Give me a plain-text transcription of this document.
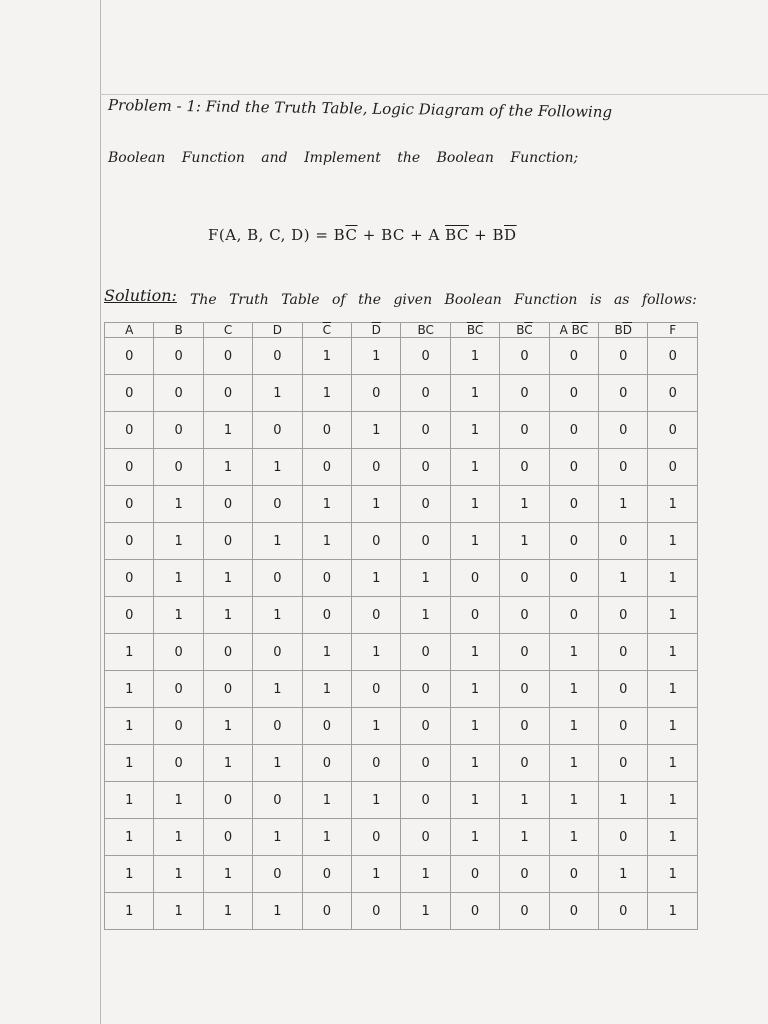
Problem - 1: Find the Truth Table, Logic Diagram of the Following
Boolean Function and Implement the Boolean Function;
F(A, B, C, $D) = B\overline{C}$ + BC + A $\overline{BC} + B\overline{D}$
Solution: The Truth Table of the given Boolean Function is as follows:
A	B	C	D	$\overline{C}$	$\overline{D}$	BC	$\overline{BC}$	$B\overline{C}$	A $\overline{BC}$	$B\overline{D}$	F
0	0	0	0	1	1	0	1	0	0	0	0
0	0	0	1	1	0	0	1	0	0	0	0
0	0	1	0	0	1	0	1	0	0	0	0
0	0	1	1	0	0	0	1	0	0	0	0
0	1	0	0	1	1	0	1	1	0	1	1
0	1	0	1	1	0	0	1	1	0	0	1
0	1	1	0	0	1	1	0	0	0	1	1
0	1	1	1	0	0	1	0	0	0	0	1
1	0	0	0	1	1	0	1	0	1	0	1
1	0	0	1	1	0	0	1	0	1	0	1
1	0	1	0	0	1	0	1	0	1	0	1
1	0	1	1	0	0	0	1	0	1	0	1
1	1	0	0	1	1	0	1	1	1	1	1
1	1	0	1	1	0	0	1	1	1	0	1
1	1	1	0	0	1	1	0	0	0	1	1
1	1	1	1	0	0	1	0	0	0	0	1
